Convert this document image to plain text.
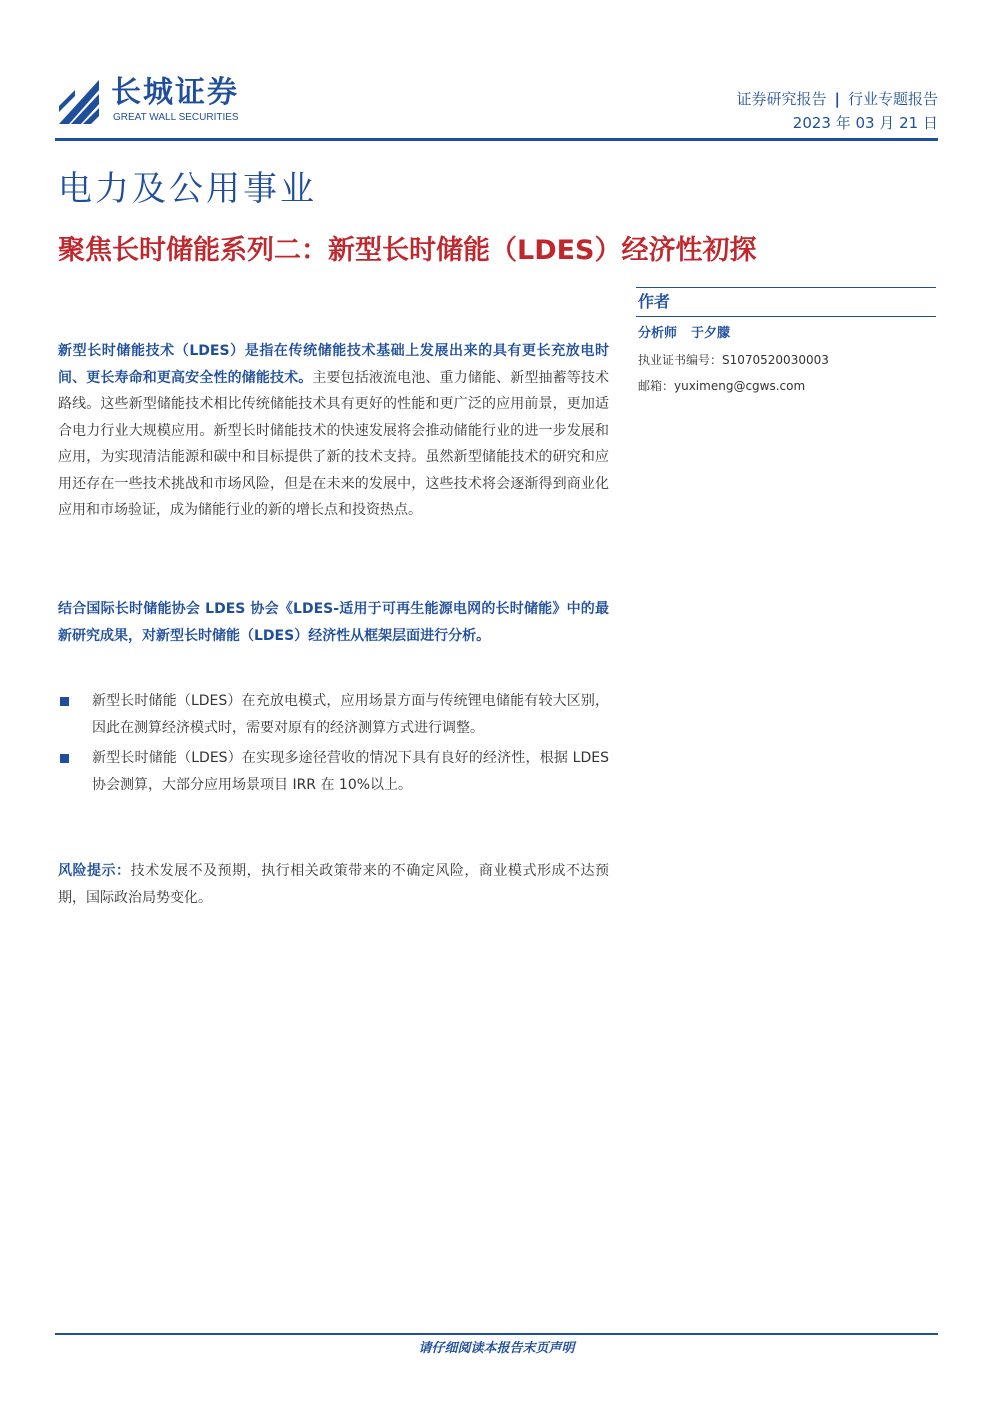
长城证券
GREAT WALL SECURITIES
证券研究报告 | 行业专题报告
2023 年 03 月 21 日
电力及公用事业
聚焦长时储能系列二：新型长时储能（LDES）经济性初探
作者
分析师 于夕朦
执业证书编号：S1070520030003
邮箱：yuximeng@cgws.com
新型长时储能技术（LDES）是指在传统储能技术基础上发展出来的具有更长充放电时间、更长寿命和更高安全性的储能技术。主要包括液流电池、重力储能、新型抽蓄等技术路线。这些新型储能技术相比传统储能技术具有更好的性能和更广泛的应用前景，更加适合电力行业大规模应用。新型长时储能技术的快速发展将会推动储能行业的进一步发展和应用，为实现清洁能源和碳中和目标提供了新的技术支持。虽然新型储能技术的研究和应用还存在一些技术挑战和市场风险，但是在未来的发展中，这些技术将会逐渐得到商业化应用和市场验证，成为储能行业的新的增长点和投资热点。
结合国际长时储能协会 LDES 协会《LDES-适用于可再生能源电网的长时储能》中的最新研究成果，对新型长时储能（LDES）经济性从框架层面进行分析。
新型长时储能（LDES）在充放电模式，应用场景方面与传统锂电储能有较大区别，因此在测算经济模式时，需要对原有的经济测算方式进行调整。
新型长时储能（LDES）在实现多途径营收的情况下具有良好的经济性，根据 LDES 协会测算，大部分应用场景项目 IRR 在 10%以上。
风险提示：技术发展不及预期，执行相关政策带来的不确定风险，商业模式形成不达预期，国际政治局势变化。
请仔细阅读本报告末页声明
